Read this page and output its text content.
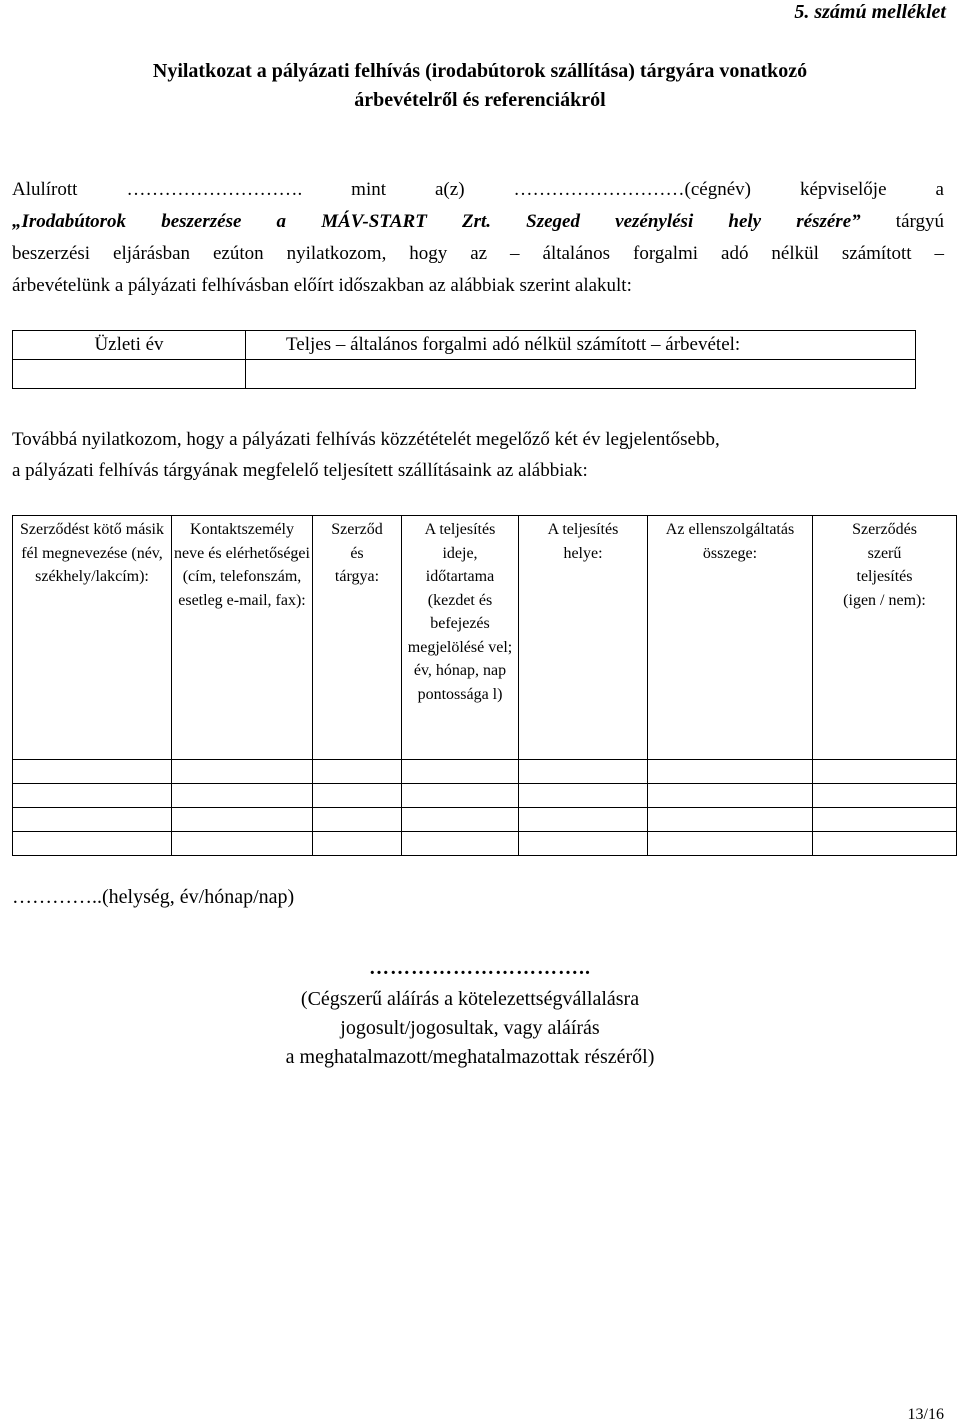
5. számú melléklet
Nyilatkozat a pályázati felhívás (irodabútorok szállítása) tárgyára vonatkozó
árbevételről és referenciákról
Alulírott	……………………….	mint	a(z)	………………………(cégnév)	képviselője	a
„Irodabútorok beszerzése a MÁV-START Zrt. Szeged vezénylési hely részére” tárgyú
beszerzési eljárásban ezúton nyilatkozom, hogy az – általános forgalmi adó nélkül számított –
árbevételünk a pályázati felhívásban előírt időszakban az alábbiak szerint alakult:
Üzleti év	Teljes – általános forgalmi adó nélkül számított – árbevétel:

Továbbá nyilatkozom, hogy a pályázati felhívás közzétételét megelőző két év legjelentősebb,
a pályázati felhívás tárgyának megfelelő teljesített szállításaink az alábbiak:
Szerződést kötő másik fél megnevezése (név, székhely/lakcím):	Kontaktszemély neve és elérhetőségei (cím, telefonszám, esetleg e-mail, fax):	Szerződ és tárgya:	A teljesítés ideje, időtartama (kezdet és befejezés megjelölésé vel; év, hónap, nap pontossága l)	A teljesítés helye:	Az ellenszolgáltatás összege:	Szerződés szerű teljesítés (igen / nem):

…………..(helység, év/hónap/nap)
…………………………..
(Cégszerű aláírás a kötelezettségvállalásra
jogosult/jogosultak, vagy aláírás
a meghatalmazott/meghatalmazottak részéről)
13/16
